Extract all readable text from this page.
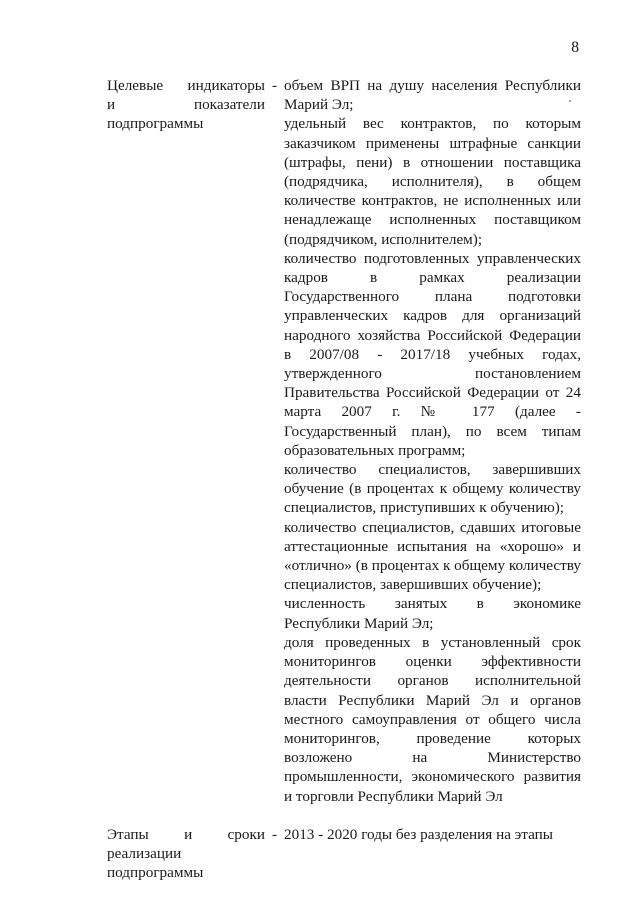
8
Целевые индикаторы
и показатели
подпрограммы
- объем ВРП на душу населения Республики Марий Эл;

удельный вес контрактов, по которым заказчиком применены штрафные санкции (штрафы, пени) в отношении поставщика (подрядчика, исполнителя), в общем количестве контрактов, не исполненных или ненадлежаще исполненных поставщиком (подрядчиком, исполнителем);

количество подготовленных управленческих кадров в рамках реализации Государственного плана подготовки управленческих кадров для организаций народного хозяйства Российской Федерации в 2007/08 - 2017/18 учебных годах, утвержденного постановлением Правительства Российской Федерации от 24 марта 2007 г. № 177 (далее - Государственный план), по всем типам образовательных программ;

количество специалистов, завершивших обучение (в процентах к общему количеству специалистов, приступивших к обучению);

количество специалистов, сдавших итоговые аттестационные испытания на «хорошо» и «отлично» (в процентах к общему количеству специалистов, завершивших обучение);

численность занятых в экономике Республики Марий Эл;

доля проведенных в установленный срок мониторингов оценки эффективности деятельности органов исполнительной власти Республики Марий Эл и органов местного самоуправления от общего числа мониторингов, проведение которых возложено на Министерство промышленности, экономического развития и торговли Республики Марий Эл

Этапы и сроки
реализации
подпрограммы
- 2013 - 2020 годы без разделения на этапы
